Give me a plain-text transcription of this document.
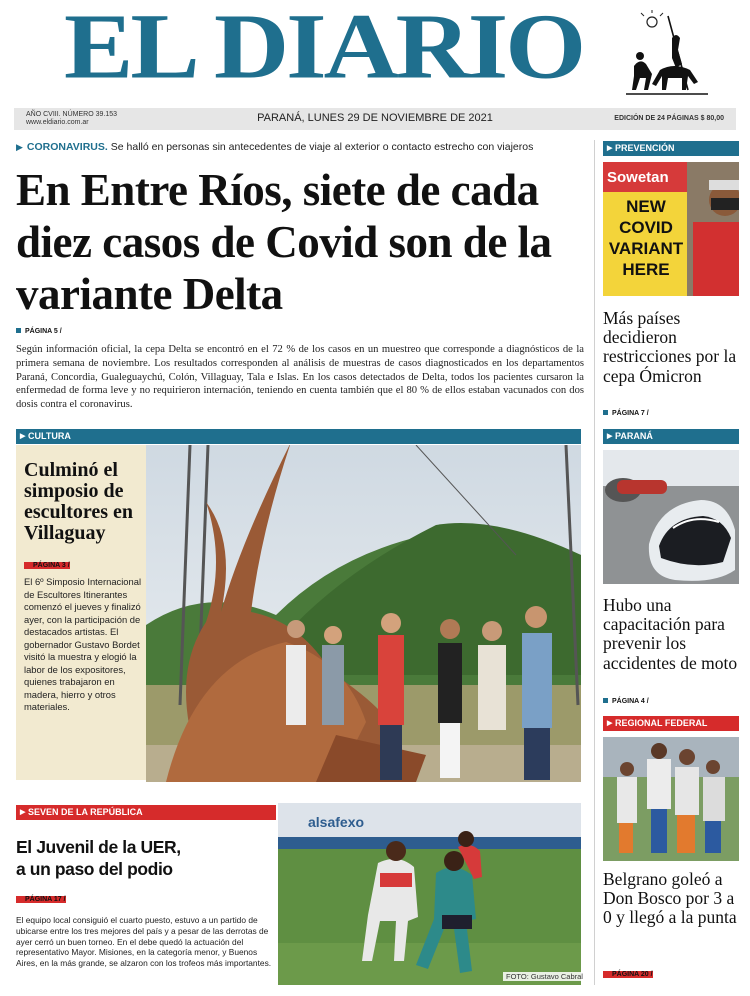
EL DIARIO
AÑO CVIII. NÚMERO 39.153
www.eldiario.com.ar	PARANÁ, LUNES 29 DE NOVIEMBRE DE 2021	EDICIÓN DE 24 PÁGINAS $ 80,00
▶ CORONAVIRUS. Se halló en personas sin antecedentes de viaje al exterior o contacto estrecho con viajeros
En Entre Ríos, siete de cada diez casos de Covid son de la variante Delta
PÁGINA 5 /

Según información oficial, la cepa Delta se encontró en el 72 % de los casos en un muestreo que corresponde a diagnósticos de la primera semana de noviembre. Los resultados corresponden al análisis de muestras de casos diagnosticados en los departamentos Paraná, Concordia, Gualeguaychú, Colón, Villaguay, Tala e Islas. En los casos detectados de Delta, todos los pacientes cursaron la enfermedad de forma leve y no requirieron internación, teniendo en cuenta también que el 80 % de ellos estaban vacunados con dos dosis contra el coronavirus.

▶ CULTURA
Culminó el simposio de escultores en Villaguay
PÁGINA 3 /

El 6º Simposio Internacional de Escultores Itinerantes comenzó el jueves y finalizó ayer, con la participación de destacados artistas. El gobernador Gustavo Bordet visitó la muestra y elogió la labor de los expositores, quienes trabajaron en madera, hierro y otros materiales.

▶ SEVEN DE LA REPÚBLICA
El Juvenil de la UER,
a un paso del podio
PÁGINA 17 /

El equipo local consiguió el cuarto puesto, estuvo a un partido de ubicarse entre los tres mejores del país y a pesar de las derrotas de ayer cerró un buen torneo. En el debe quedó la actuación del representativo Mayor. Misiones, en la categoría menor, y Buenos Aires, en la más grande, se alzaron con los trofeos más importantes.

alsafexo
FOTO: Gustavo Cabral
▶ PREVENCIÓN
Sowetan
NEW COVID VARIANT HERE
Más países decidieron restricciones por la cepa Ómicron
PÁGINA 7 /
▶ PARANÁ
Hubo una capacitación para prevenir los accidentes de moto
PÁGINA 4 /
▶ REGIONAL FEDERAL
Belgrano goleó a Don Bosco por 3 a 0 y llegó a la punta
PÁGINA 20 /
